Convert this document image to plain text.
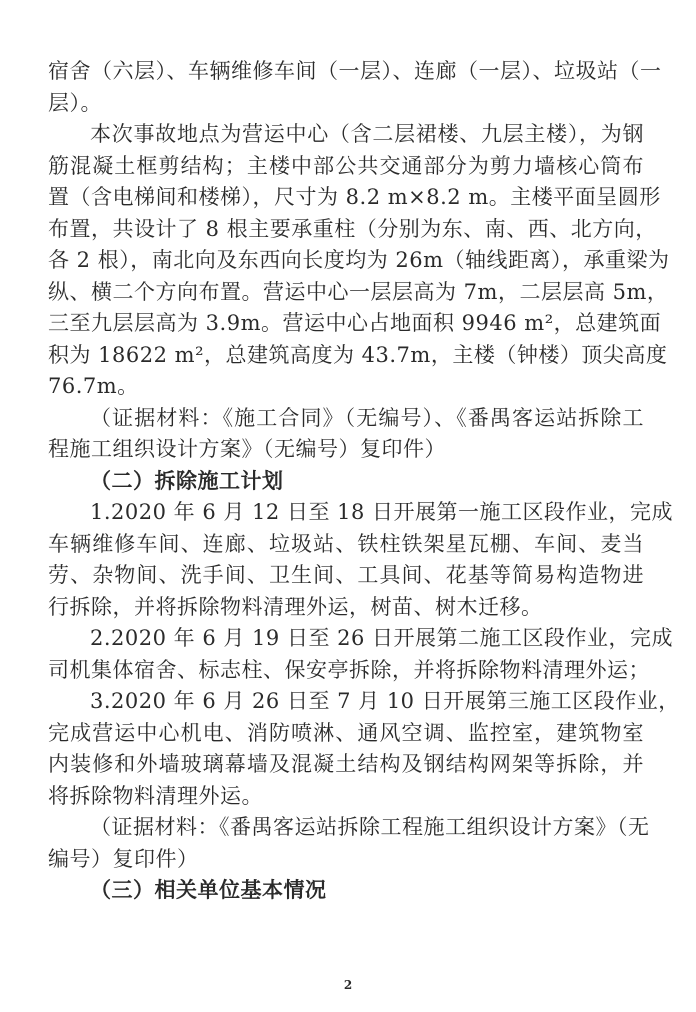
宿舍（六层）、车辆维修车间（一层）、连廊（一层）、垃圾站（一
层）。
本次事故地点为营运中心（含二层裙楼、九层主楼），为钢
筋混凝土框剪结构；主楼中部公共交通部分为剪力墙核心筒布
置（含电梯间和楼梯），尺寸为 8.2 m×8.2 m。主楼平面呈圆形
布置，共设计了 8 根主要承重柱（分别为东、南、西、北方向，
各 2 根），南北向及东西向长度均为 26m（轴线距离），承重梁为
纵、横二个方向布置。营运中心一层层高为 7m，二层层高 5m，
三至九层层高为 3.9m。营运中心占地面积 9946 m²，总建筑面
积为 18622 m²，总建筑高度为 43.7m，主楼（钟楼）顶尖高度
76.7m。
（证据材料：《施工合同》（无编号）、《番禺客运站拆除工
程施工组织设计方案》（无编号）复印件）
（二）拆除施工计划
1.2020 年 6 月 12 日至 18 日开展第一施工区段作业，完成
车辆维修车间、连廊、垃圾站、铁柱铁架星瓦棚、车间、麦当
劳、杂物间、洗手间、卫生间、工具间、花基等简易构造物进
行拆除，并将拆除物料清理外运，树苗、树木迁移。
2.2020 年 6 月 19 日至 26 日开展第二施工区段作业，完成
司机集体宿舍、标志柱、保安亭拆除，并将拆除物料清理外运；
3.2020 年 6 月 26 日至 7 月 10 日开展第三施工区段作业，
完成营运中心机电、消防喷淋、通风空调、监控室，建筑物室
内装修和外墙玻璃幕墙及混凝土结构及钢结构网架等拆除，并
将拆除物料清理外运。
（证据材料：《番禺客运站拆除工程施工组织设计方案》（无
编号）复印件）
（三）相关单位基本情况
2
